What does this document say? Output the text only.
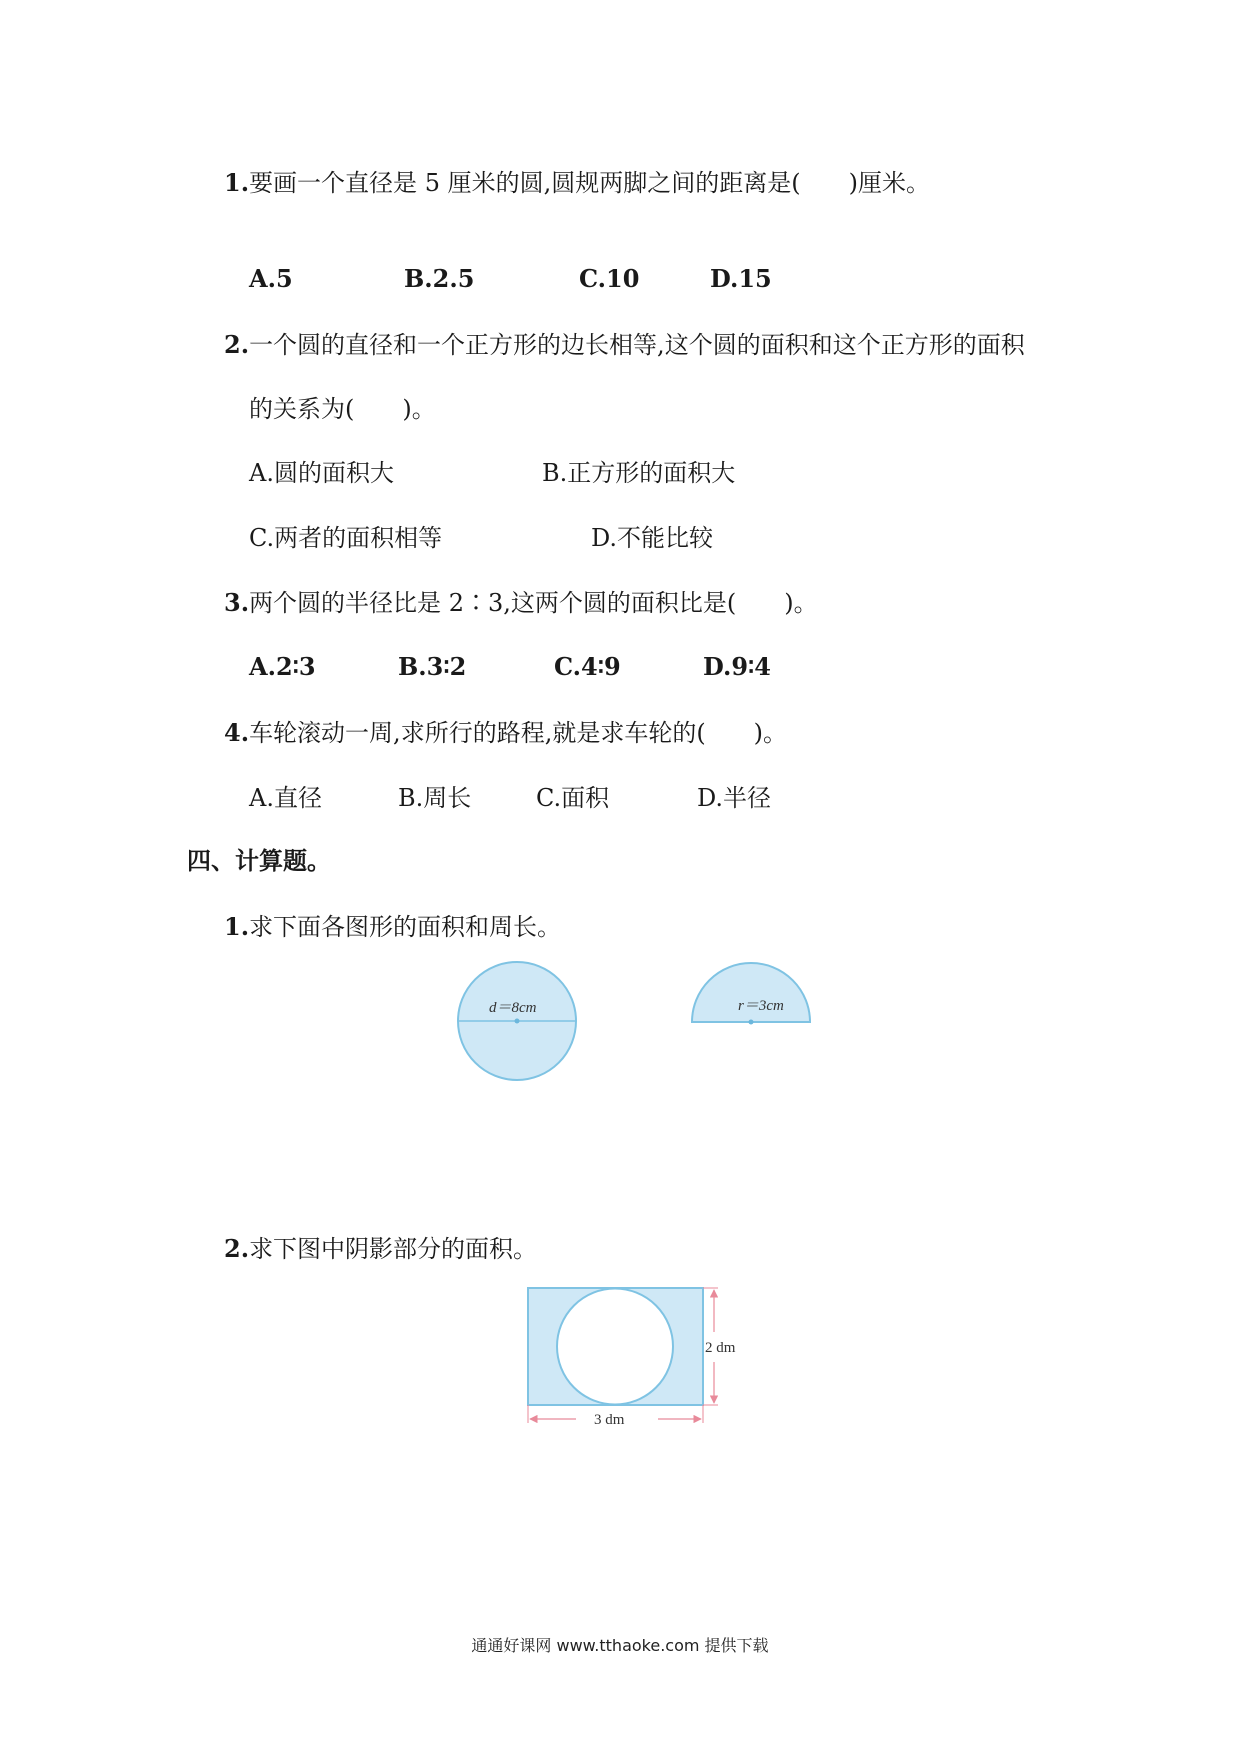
1.要画一个直径是 5 厘米的圆,圆规两脚之间的距离是(　　)厘米。
A.5	B.2.5	C.10	D.15
2.一个圆的直径和一个正方形的边长相等,这个圆的面积和这个正方形的面积
的关系为(　　)。
A.圆的面积大	B.正方形的面积大
C.两者的面积相等	D.不能比较
3.两个圆的半径比是 2∶3,这两个圆的面积比是(　　)。
A.2∶3	B.3∶2	C.4∶9	D.9∶4
4.车轮滚动一周,求所行的路程,就是求车轮的(　　)。
A.直径	B.周长	C.面积	D.半径
四、计算题。
1.求下面各图形的面积和周长。
d＝8cm	r＝3cm
2.求下图中阴影部分的面积。
2 dm
3 dm
通通好课网 www.tthaoke.com 提供下载
